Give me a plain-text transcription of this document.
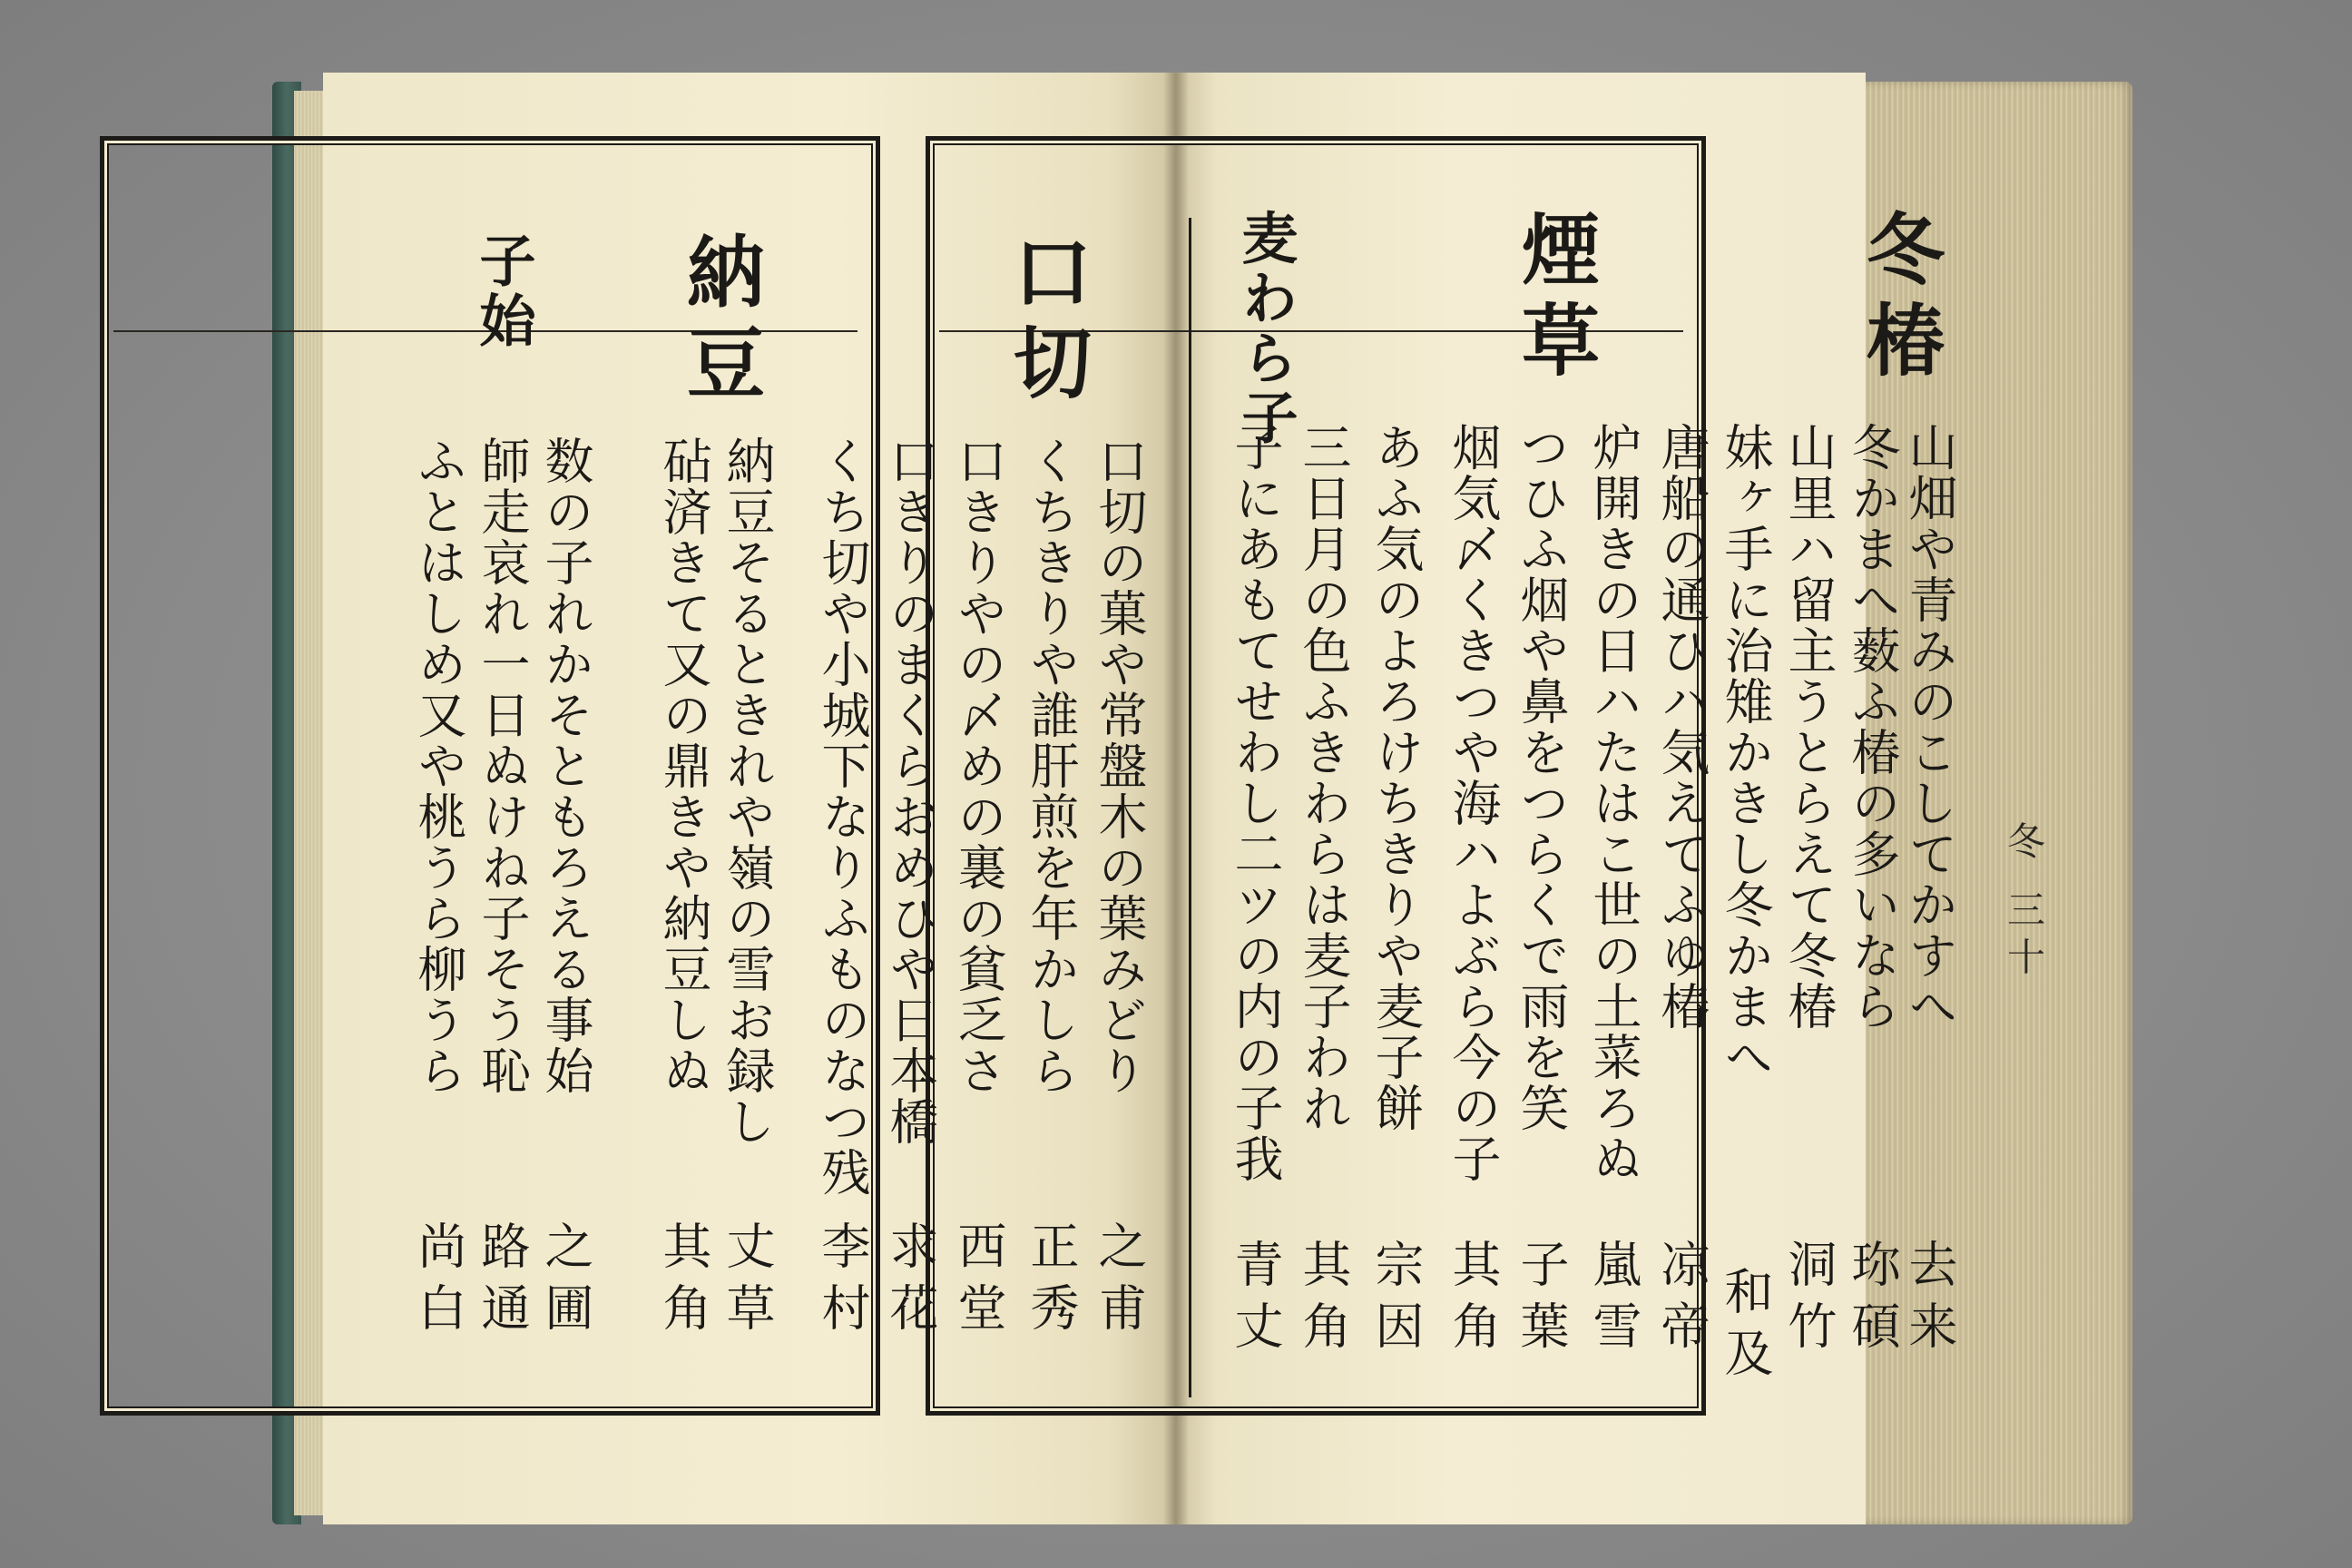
冬 三十
冬椿
煙草
麦わら子
山畑や青みのこしてかすへ
去来
冬かまへ薮ふ椿の多いなら
珎碩
山里ハ留主うとらえて冬椿
洞竹
妹ヶ手に治雉かきし冬かまへ
和及
唐船の通ひハ気えてふゆ椿
凉帝
炉開きの日ハたはこ世の土菜ろぬ
嵐雪
つひふ烟や鼻をつらくで雨を笑
子葉
烟気〆くきつや海ハよぶら今の子
其角
あふ気のよろけちきりや麦子餅
宗因
三日月の色ふきわらは麦子われ
其角
子にあもてせわし二ツの内の子我
青丈
口切
納豆
子始
口切の菓や常盤木の葉みどり
之甫
くちきりや誰肝煎を年かしら
正秀
口きりやの〆めの裏の貧乏さ
西堂
口きりのまくらおめひや日本橋
求花
くち切や小城下なりふものなつ残
李村
納豆そるときれや嶺の雪お録し
丈草
砧済きて又の鼎きや納豆しぬ
其角
数の子れかそともろえる事始
之圃
師走哀れ一日ぬけね子そう恥
路通
ふとはしめ又や桃うら柳うら
尚白
